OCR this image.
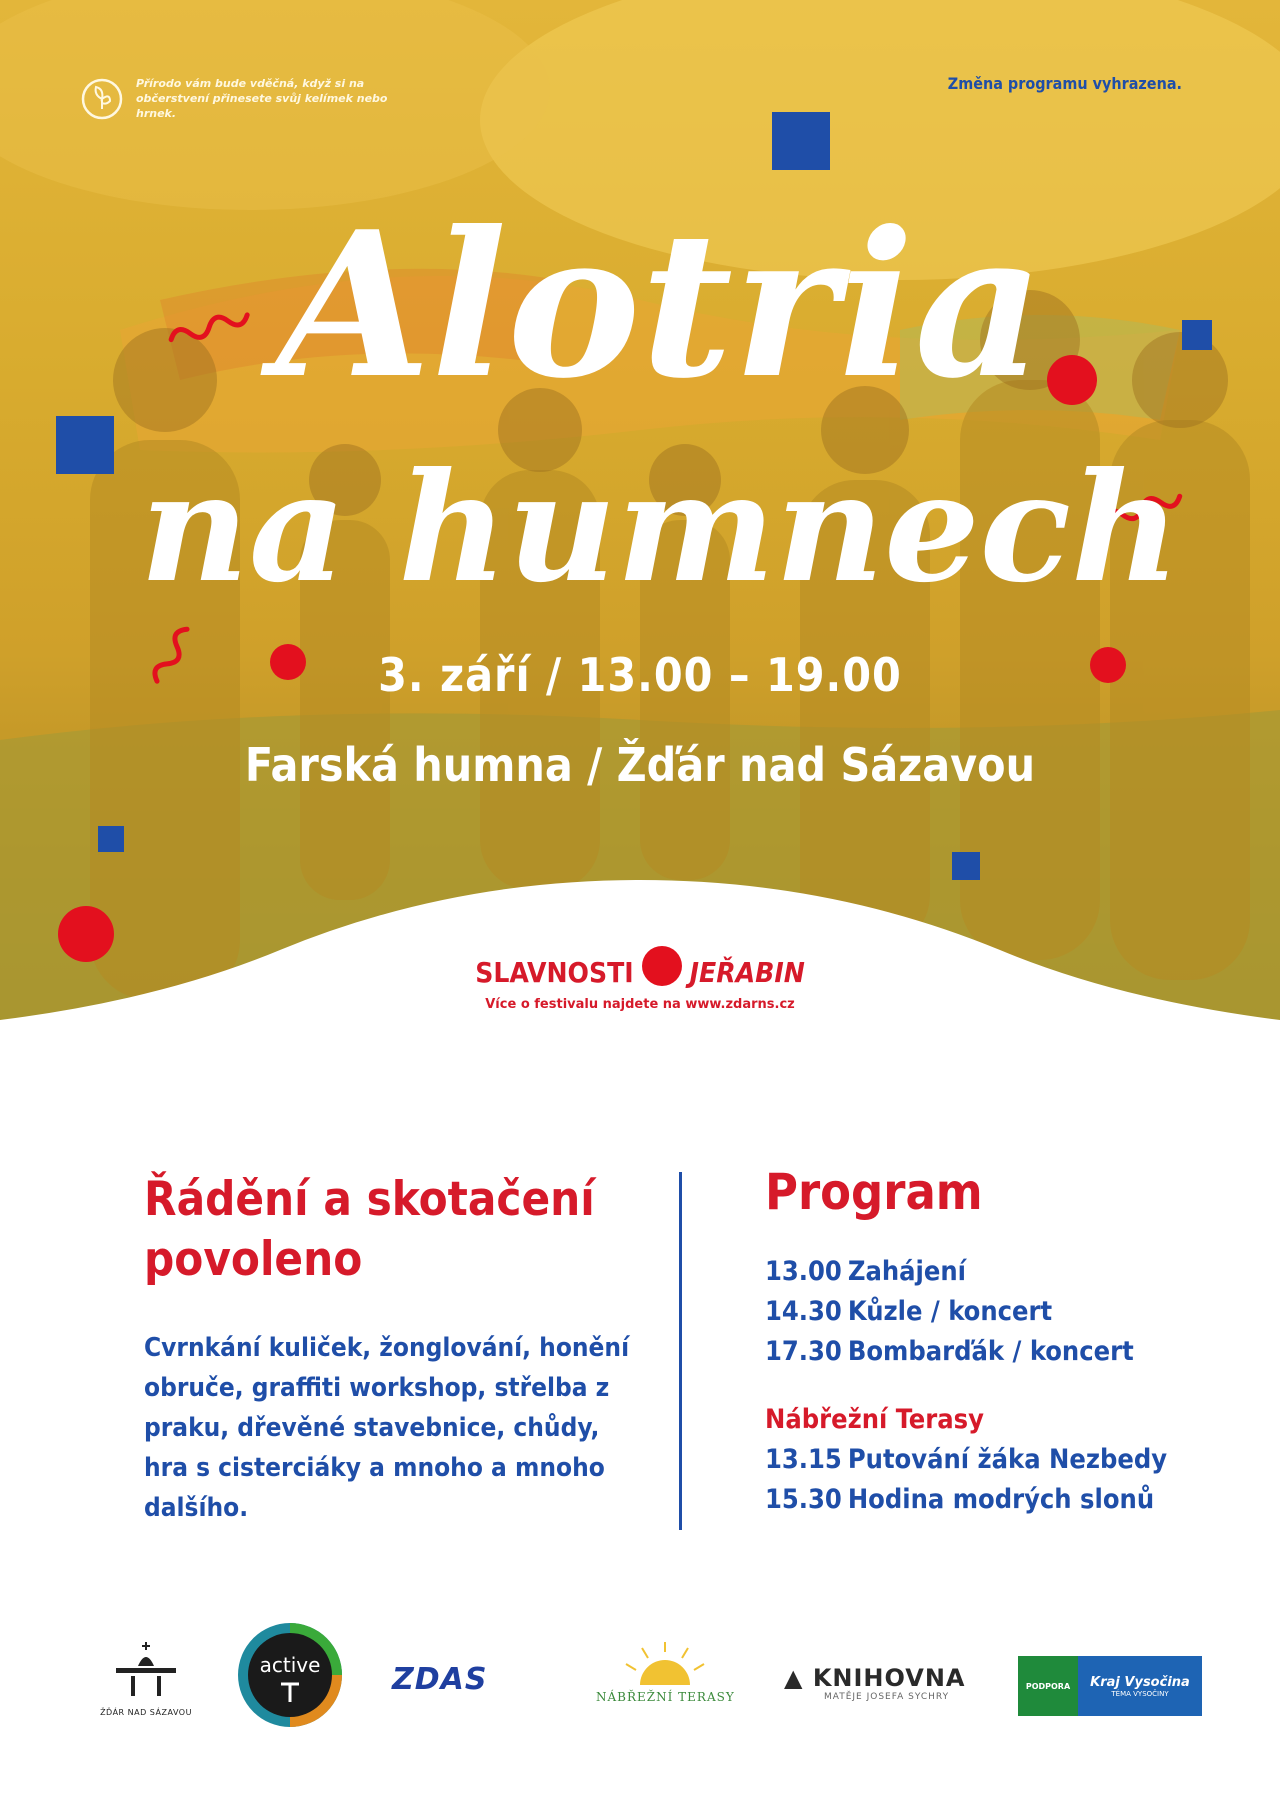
Přírodo vám bude vděčná, když si na občerstvení přinesete svůj kelímek nebo hrnek.
Změna programu vyhrazena.
Alotria
na humnech
3. září / 13.00 – 19.00
Farská humna / Žďár nad Sázavou
SLAVNOSTI JEŘABIN
Více o festivalu najdete na www.zdarns.cz
Řádění a skotačení povoleno
Cvrnkání kuliček, žonglování, honění obruče, graffiti workshop, střelba z praku, dřevěné stavebnice, chůdy, hra s cisterciáky a mnoho a mnoho dalšího.
Program
13.00 Zahájení
14.30 Kůzle / koncert
17.30 Bombarďák / koncert
Nábřežní Terasy
13.15 Putování žáka Nezbedy
15.30 Hodina modrých slonů
ŽĎÁR NAD SÁZAVOU
active ZDAS	NÁBŘEŽNÍ TERASY
▲ KNIHOVNA
MATĚJE JOSEFA SYCHRY
PODPORA	Kraj Vysočina
TÉMA VYSOČINY
